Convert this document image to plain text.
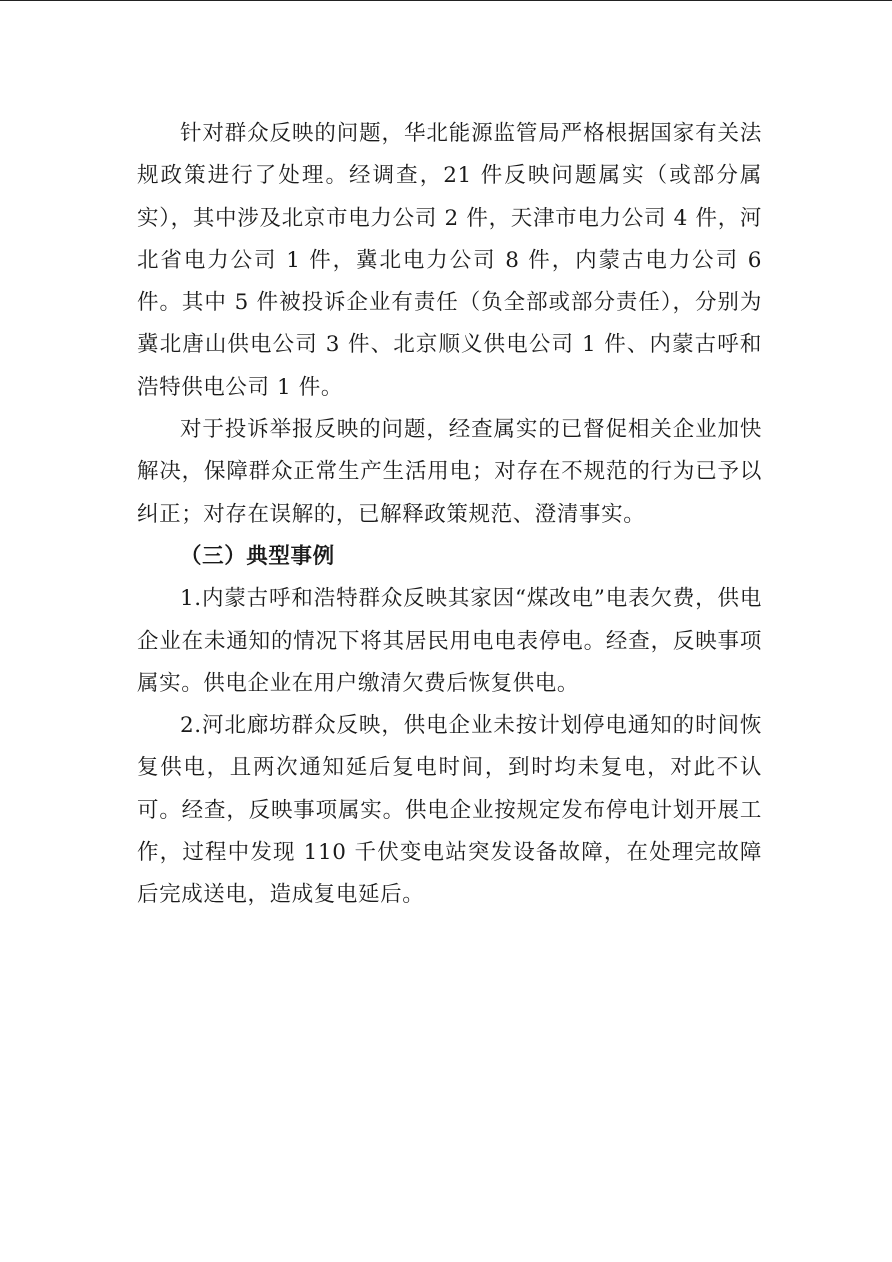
针对群众反映的问题，华北能源监管局严格根据国家有关法规政策进行了处理。经调查，21 件反映问题属实（或部分属实），其中涉及北京市电力公司 2 件，天津市电力公司 4 件，河北省电力公司 1 件，冀北电力公司 8 件，内蒙古电力公司 6 件。其中 5 件被投诉企业有责任（负全部或部分责任），分别为冀北唐山供电公司 3 件、北京顺义供电公司 1 件、内蒙古呼和浩特供电公司 1 件。

对于投诉举报反映的问题，经查属实的已督促相关企业加快解决，保障群众正常生产生活用电；对存在不规范的行为已予以纠正；对存在误解的，已解释政策规范、澄清事实。

（三）典型事例

1.内蒙古呼和浩特群众反映其家因“煤改电”电表欠费，供电企业在未通知的情况下将其居民用电电表停电。经查，反映事项属实。供电企业在用户缴清欠费后恢复供电。

2.河北廊坊群众反映，供电企业未按计划停电通知的时间恢复供电，且两次通知延后复电时间，到时均未复电，对此不认可。经查，反映事项属实。供电企业按规定发布停电计划开展工作，过程中发现 110 千伏变电站突发设备故障，在处理完故障后完成送电，造成复电延后。
